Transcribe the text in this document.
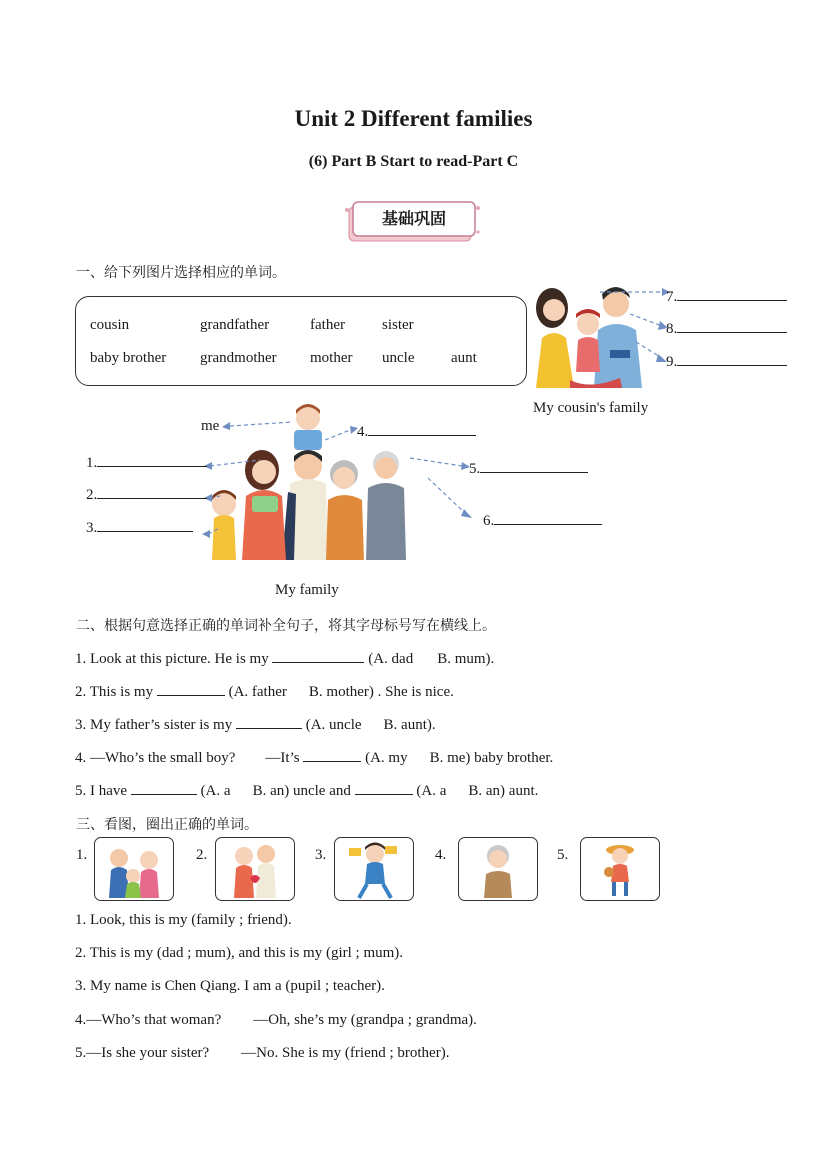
Unit 2 Different families
(6) Part B Start to read-Part C
基础巩固
一、给下列图片选择相应的单词。
cousin	grandfather	father sister
baby brother grandmother mother uncle aunt
7.
8.
9.
My cousin's family
me
1.
2.
3.
4.
5.
6.
My family
二、根据句意选择正确的单词补全句子，将其字母标号写在横线上。
1. Look at this picture. He is my	(A. dad B. mum).
2. This is my	(A. father B. mother) . She is nice.
3. My father’s sister is my	(A. uncle B. aunt).
4. —Who’s the small boy? —It’s	(A. my B. me) baby brother.
5. I have	(A. a B. an) uncle and	(A. a B. an) aunt.
三、看图，圈出正确的单词。
1.	2.	3.	4.	5.
1. Look, this is my (family ; friend).
2. This is my (dad ; mum), and this is my (girl ; mum).
3. My name is Chen Qiang. I am a (pupil ; teacher).
4.—Who’s that woman? —Oh, she’s my (grandpa ; grandma).
5.—Is she your sister? —No. She is my (friend ; brother).
